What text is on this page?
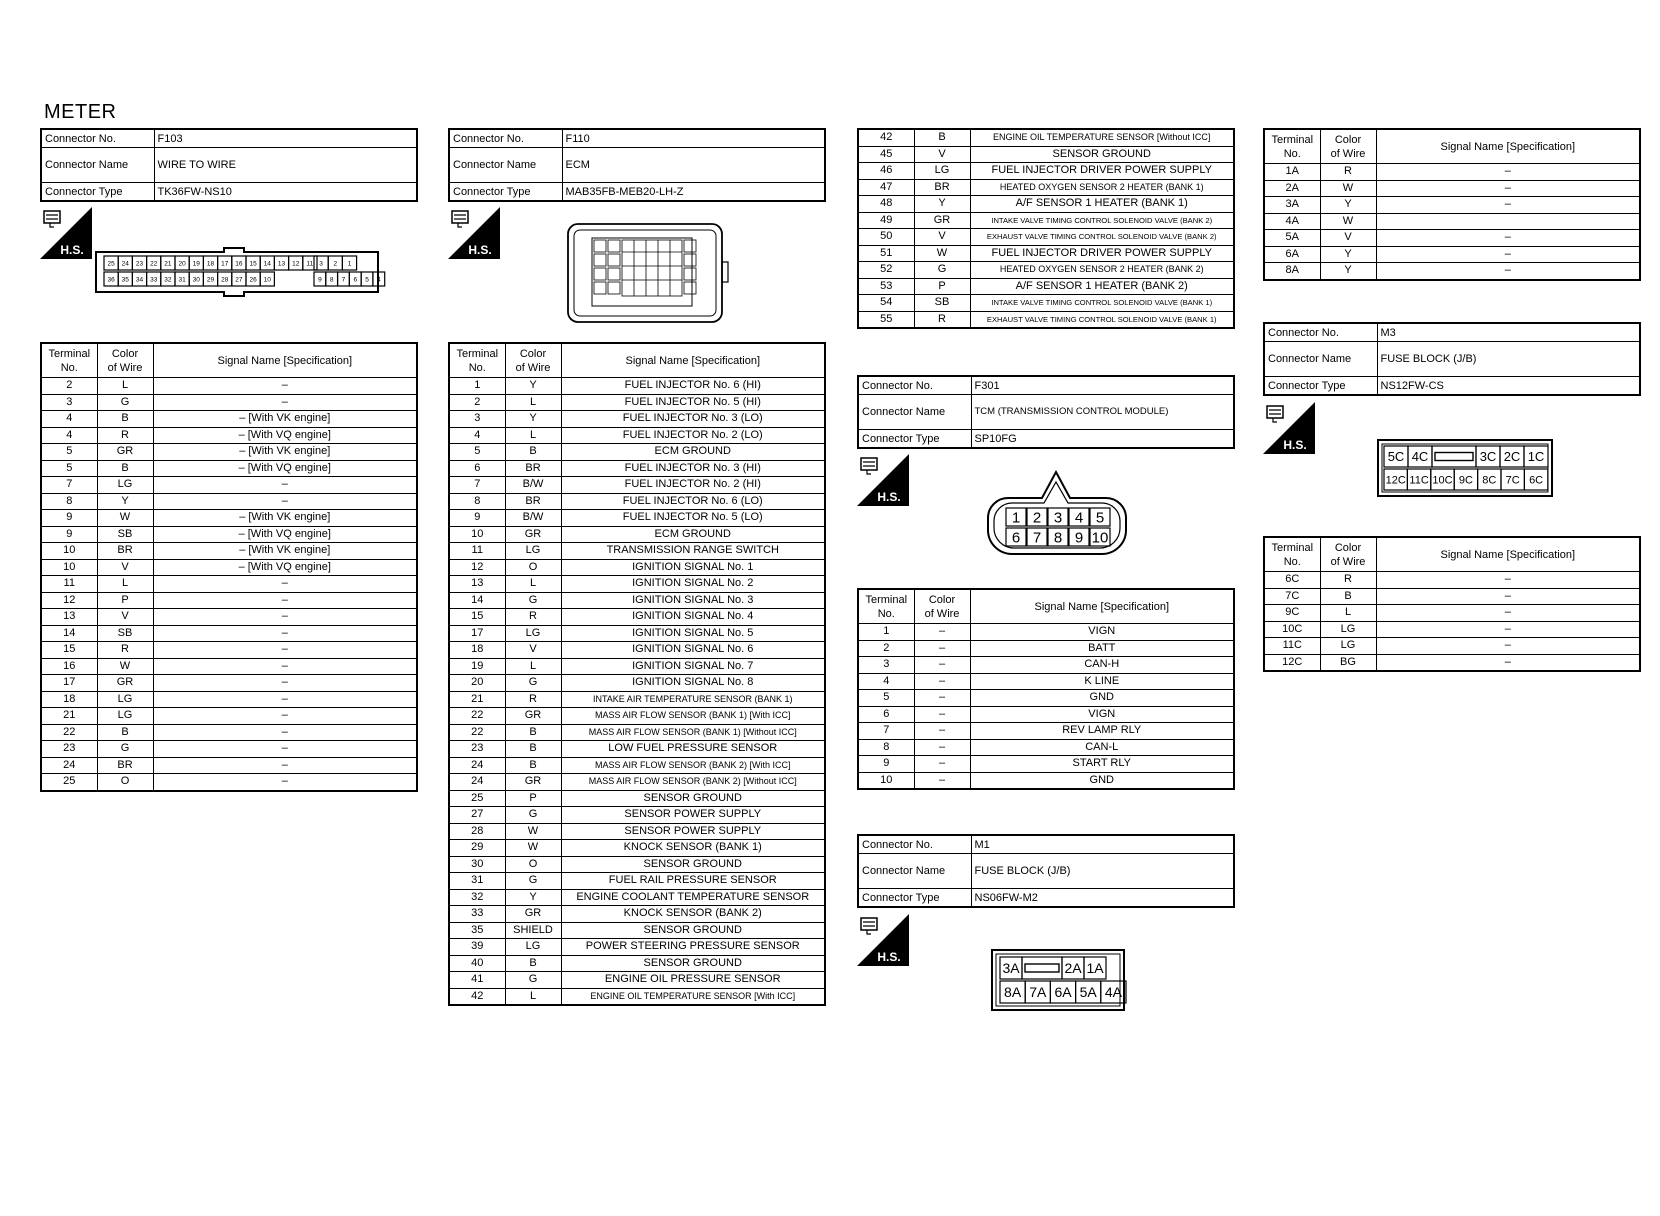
METER
Connector No.	F103
Connector Name	WIRE TO WIRE
Connector Type	TK36FW-NS10
H.S.
25 24 23 22 21 20 19 18 17 16 15 14 13 12 11 3 2 1
36 35 34 33 32 31 30 29 28 27 26 10	9 8 7 6 5 4
Terminal
No.	Color
of Wire	Signal Name [Specification]
2	L	–
3	G	–
4	B	– [With VK engine]
4	R	– [With VQ engine]
5	GR	– [With VK engine]
5	B	– [With VQ engine]
7	LG	–
8	Y	–
9	W	– [With VK engine]
9	SB	– [With VQ engine]
10	BR	– [With VK engine]
10	V	– [With VQ engine]
11	L	–
12	P	–
13	V	–
14	SB	–
15	R	–
16	W	–
17	GR	–
18	LG	–
21	LG	–
22	B	–
23	G	–
24	BR	–
25	O	–
Connector No.	F110
Connector Name	ECM
Connector Type	MAB35FB-MEB20-LH-Z
H.S.
Terminal
No.	Color
of Wire	Signal Name [Specification]
1	Y	FUEL INJECTOR No. 6 (HI)
2	L	FUEL INJECTOR No. 5 (HI)
3	Y	FUEL INJECTOR No. 3 (LO)
4	L	FUEL INJECTOR No. 2 (LO)
5	B	ECM GROUND
6	BR	FUEL INJECTOR No. 3 (HI)
7	B/W	FUEL INJECTOR No. 2 (HI)
8	BR	FUEL INJECTOR No. 6 (LO)
9	B/W	FUEL INJECTOR No. 5 (LO)
10	GR	ECM GROUND
11	LG	TRANSMISSION RANGE SWITCH
12	O	IGNITION SIGNAL No. 1
13	L	IGNITION SIGNAL No. 2
14	G	IGNITION SIGNAL No. 3
15	R	IGNITION SIGNAL No. 4
17	LG	IGNITION SIGNAL No. 5
18	V	IGNITION SIGNAL No. 6
19	L	IGNITION SIGNAL No. 7
20	G	IGNITION SIGNAL No. 8
21	R	INTAKE AIR TEMPERATURE SENSOR (BANK 1)
22	GR	MASS AIR FLOW SENSOR (BANK 1) [With ICC]
22	B	MASS AIR FLOW SENSOR (BANK 1) [Without ICC]
23	B	LOW FUEL PRESSURE SENSOR
24	B	MASS AIR FLOW SENSOR (BANK 2) [With ICC]
24	GR	MASS AIR FLOW SENSOR (BANK 2) [Without ICC]
25	P	SENSOR GROUND
27	G	SENSOR POWER SUPPLY
28	W	SENSOR POWER SUPPLY
29	W	KNOCK SENSOR (BANK 1)
30	O	SENSOR GROUND
31	G	FUEL RAIL PRESSURE SENSOR
32	Y	ENGINE COOLANT TEMPERATURE SENSOR
33	GR	KNOCK SENSOR (BANK 2)
35	SHIELD	SENSOR GROUND
39	LG	POWER STEERING PRESSURE SENSOR
40	B	SENSOR GROUND
41	G	ENGINE OIL PRESSURE SENSOR
42	L	ENGINE OIL TEMPERATURE SENSOR [With ICC]
42	B	ENGINE OIL TEMPERATURE SENSOR [Without ICC]
45	V	SENSOR GROUND
46	LG	FUEL INJECTOR DRIVER POWER SUPPLY
47	BR	HEATED OXYGEN SENSOR 2 HEATER (BANK 1)
48	Y	A/F SENSOR 1 HEATER (BANK 1)
49	GR	INTAKE VALVE TIMING CONTROL SOLENOID VALVE (BANK 2)
50	V	EXHAUST VALVE TIMING CONTROL SOLENOID VALVE (BANK 2)
51	W	FUEL INJECTOR DRIVER POWER SUPPLY
52	G	HEATED OXYGEN SENSOR 2 HEATER (BANK 2)
53	P	A/F SENSOR 1 HEATER (BANK 2)
54	SB	INTAKE VALVE TIMING CONTROL SOLENOID VALVE (BANK 1)
55	R	EXHAUST VALVE TIMING CONTROL SOLENOID VALVE (BANK 1)
Connector No.	F301
Connector Name	TCM (TRANSMISSION CONTROL MODULE)
Connector Type	SP10FG
H.S.
1 2 3 4 5
6 7 8 9 10
Terminal
No.	Color
of Wire	Signal Name [Specification]
1	–	VIGN
2	–	BATT
3	–	CAN-H
4	–	K LINE
5	–	GND
6	–	VIGN
7	–	REV LAMP RLY
8	–	CAN-L
9	–	START RLY
10	–	GND
Connector No.	M1
Connector Name	FUSE BLOCK (J/B)
Connector Type	NS06FW-M2
H.S.
3A	2A 1A
8A 7A 6A 5A 4A
Terminal
No.	Color
of Wire	Signal Name [Specification]
1A	R	–
2A	W	–
3A	Y	–
4A	W	
5A	V	–
6A	Y	–
8A	Y	–
Connector No.	M3
Connector Name	FUSE BLOCK (J/B)
Connector Type	NS12FW-CS
H.S.
5C 4C	3C 2C 1C
12C 11C 10C 9C 8C 7C 6C
Terminal
No.	Color
of Wire	Signal Name [Specification]
6C	R	–
7C	B	–
9C	L	–
10C	LG	–
11C	LG	–
12C	BG	–
